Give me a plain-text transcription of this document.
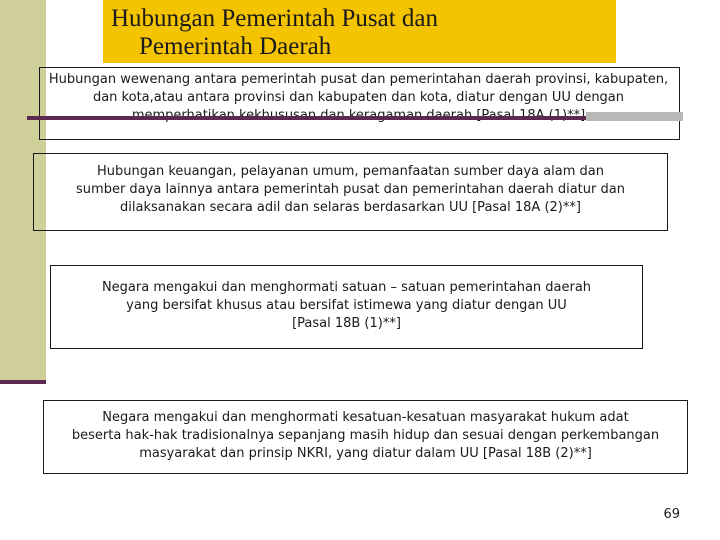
Hubungan Pemerintah Pusat dan
Pemerintah Daerah

Hubungan wewenang antara pemerintah pusat dan pemerintahan daerah provinsi, kabupaten,

dan kota,atau antara provinsi dan kabupaten dan kota, diatur dengan UU dengan

Hubungan keuangan, pelayanan umum, pemanfaatan sumber daya alam dan

sumber daya lainnya antara pemerintah pusat dan pemerintahan daerah diatur dan

dilaksanakan secara adil dan selaras berdasarkan UU [Pasal 18A (2)**]

Negara mengakui dan menghormati satuan – satuan pemerintahan daerah

yang bersifat khusus atau bersifat istimewa yang diatur dengan UU

[Pasal 18B (1)**]

Negara mengakui dan menghormati kesatuan-kesatuan masyarakat hukum adat

beserta hak-hak tradisionalnya sepanjang masih hidup dan sesuai dengan perkembangan

masyarakat dan prinsip NKRI, yang diatur dalam UU [Pasal 18B (2)**]

69
